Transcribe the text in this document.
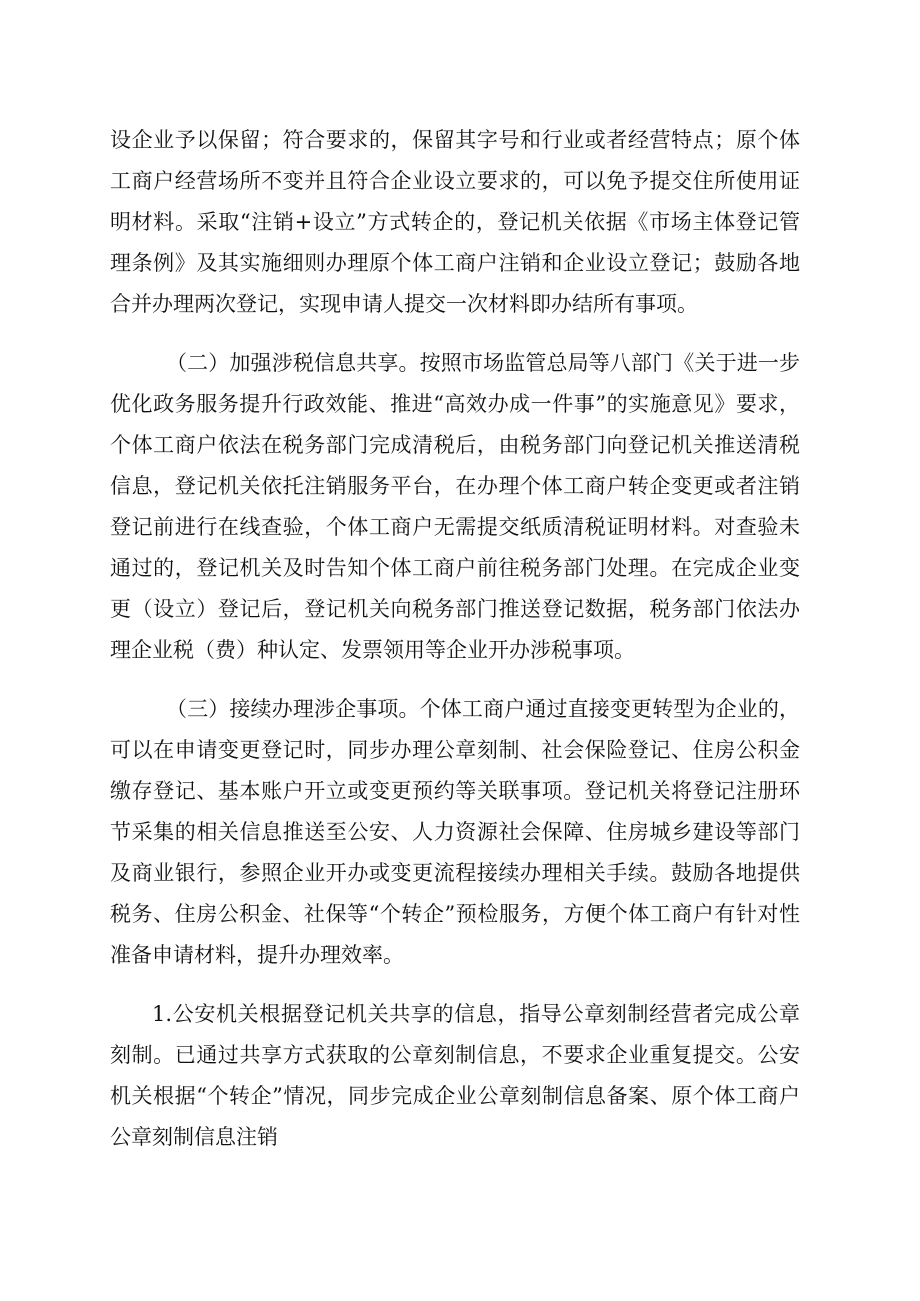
设企业予以保留；符合要求的，保留其字号和行业或者经营特点；原个体工商户经营场所不变并且符合企业设立要求的，可以免予提交住所使用证明材料。采取“注销+设立”方式转企的，登记机关依据《市场主体登记管理条例》及其实施细则办理原个体工商户注销和企业设立登记；鼓励各地合并办理两次登记，实现申请人提交一次材料即办结所有事项。

（二）加强涉税信息共享。按照市场监管总局等八部门《关于进一步优化政务服务提升行政效能、推进“高效办成一件事”的实施意见》要求，个体工商户依法在税务部门完成清税后，由税务部门向登记机关推送清税信息，登记机关依托注销服务平台，在办理个体工商户转企变更或者注销登记前进行在线查验，个体工商户无需提交纸质清税证明材料。对查验未通过的，登记机关及时告知个体工商户前往税务部门处理。在完成企业变更（设立）登记后，登记机关向税务部门推送登记数据，税务部门依法办理企业税（费）种认定、发票领用等企业开办涉税事项。

（三）接续办理涉企事项。个体工商户通过直接变更转型为企业的，可以在申请变更登记时，同步办理公章刻制、社会保险登记、住房公积金缴存登记、基本账户开立或变更预约等关联事项。登记机关将登记注册环节采集的相关信息推送至公安、人力资源社会保障、住房城乡建设等部门及商业银行，参照企业开办或变更流程接续办理相关手续。鼓励各地提供税务、住房公积金、社保等“个转企”预检服务，方便个体工商户有针对性准备申请材料，提升办理效率。

1.公安机关根据登记机关共享的信息，指导公章刻制经营者完成公章刻制。已通过共享方式获取的公章刻制信息，不要求企业重复提交。公安机关根据“个转企”情况，同步完成企业公章刻制信息备案、原个体工商户公章刻制信息注销
